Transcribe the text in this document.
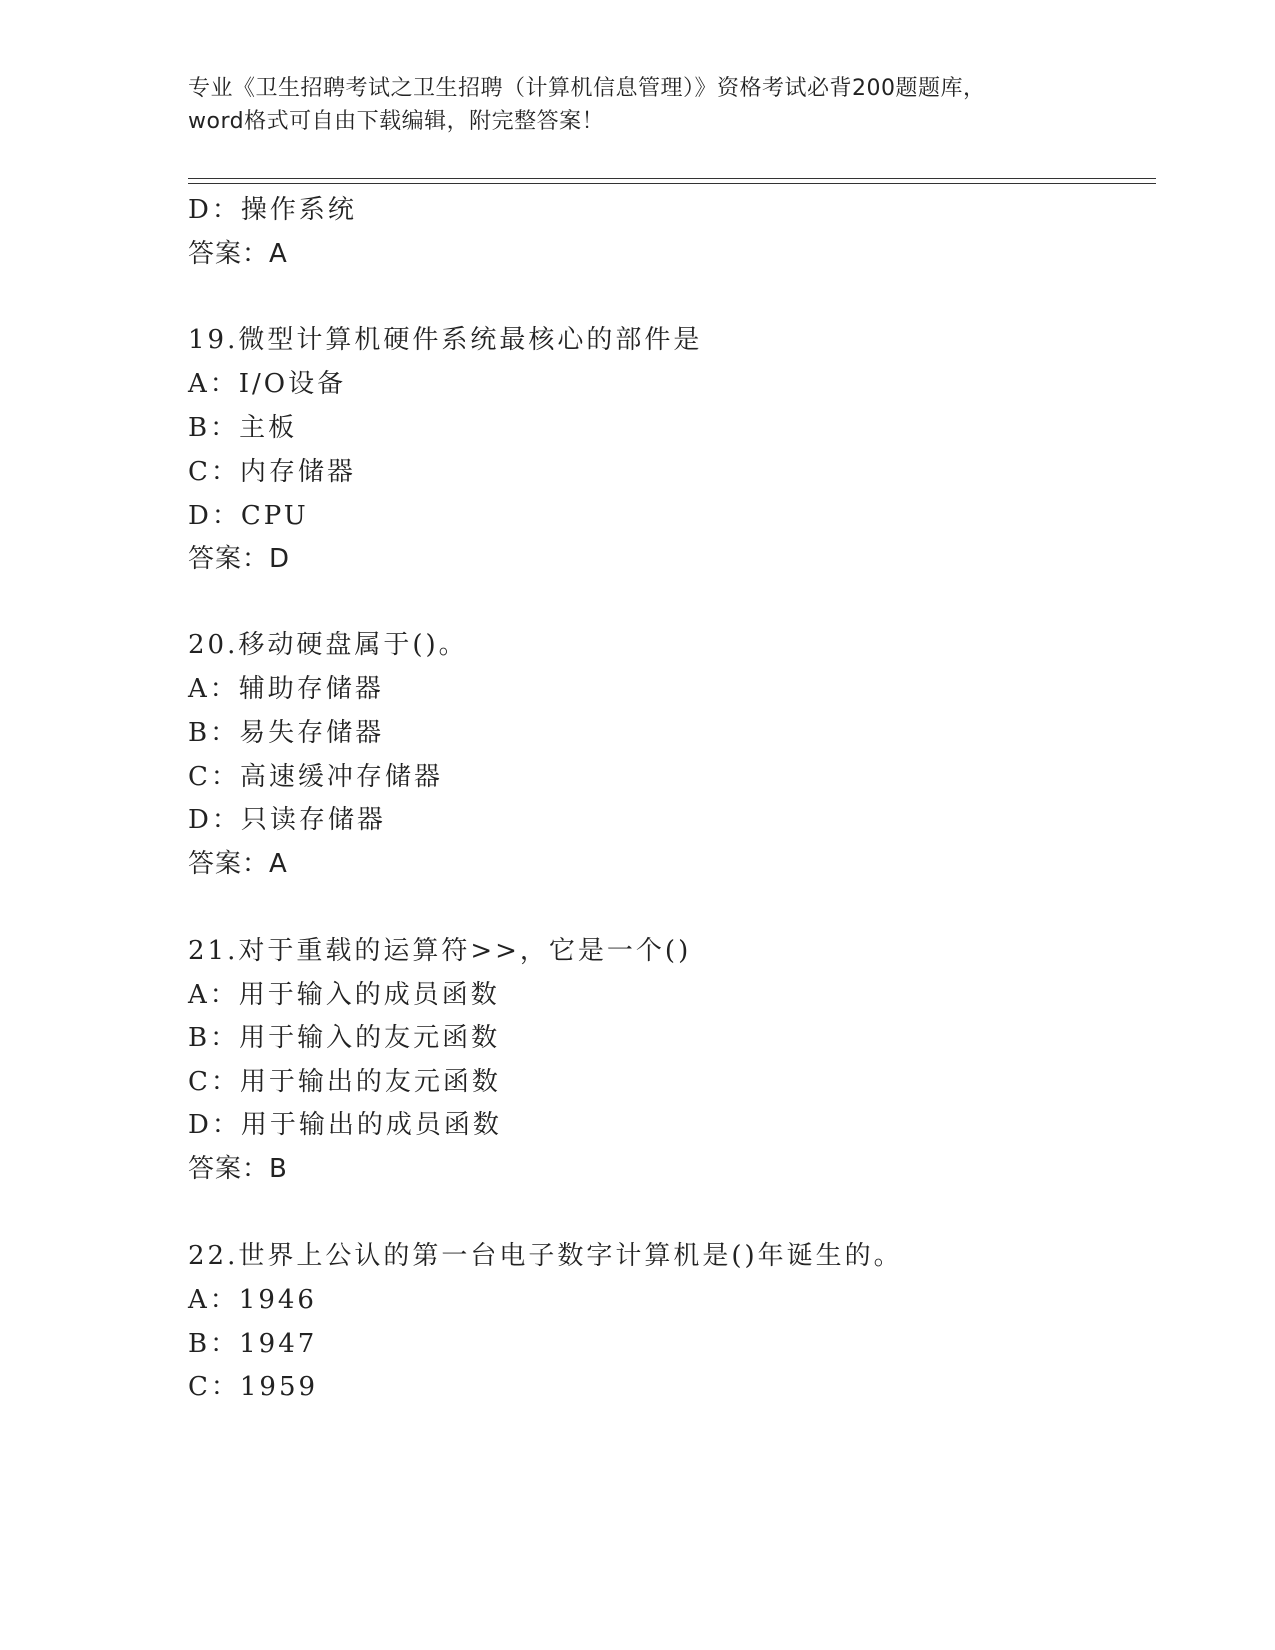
专业《卫生招聘考试之卫生招聘（计算机信息管理）》资格考试必背200题题库，
word格式可自由下载编辑，附完整答案！
D：操作系统
答案：A
19.微型计算机硬件系统最核心的部件是
A：I/O设备
B：主板
C：内存储器
D：CPU
答案：D
20.移动硬盘属于()。
A：辅助存储器
B：易失存储器
C：高速缓冲存储器
D：只读存储器
答案：A
21.对于重载的运算符>>，它是一个()
A：用于输入的成员函数
B：用于输入的友元函数
C：用于输出的友元函数
D：用于输出的成员函数
答案：B
22.世界上公认的第一台电子数字计算机是()年诞生的。
A：1946
B：1947
C：1959
